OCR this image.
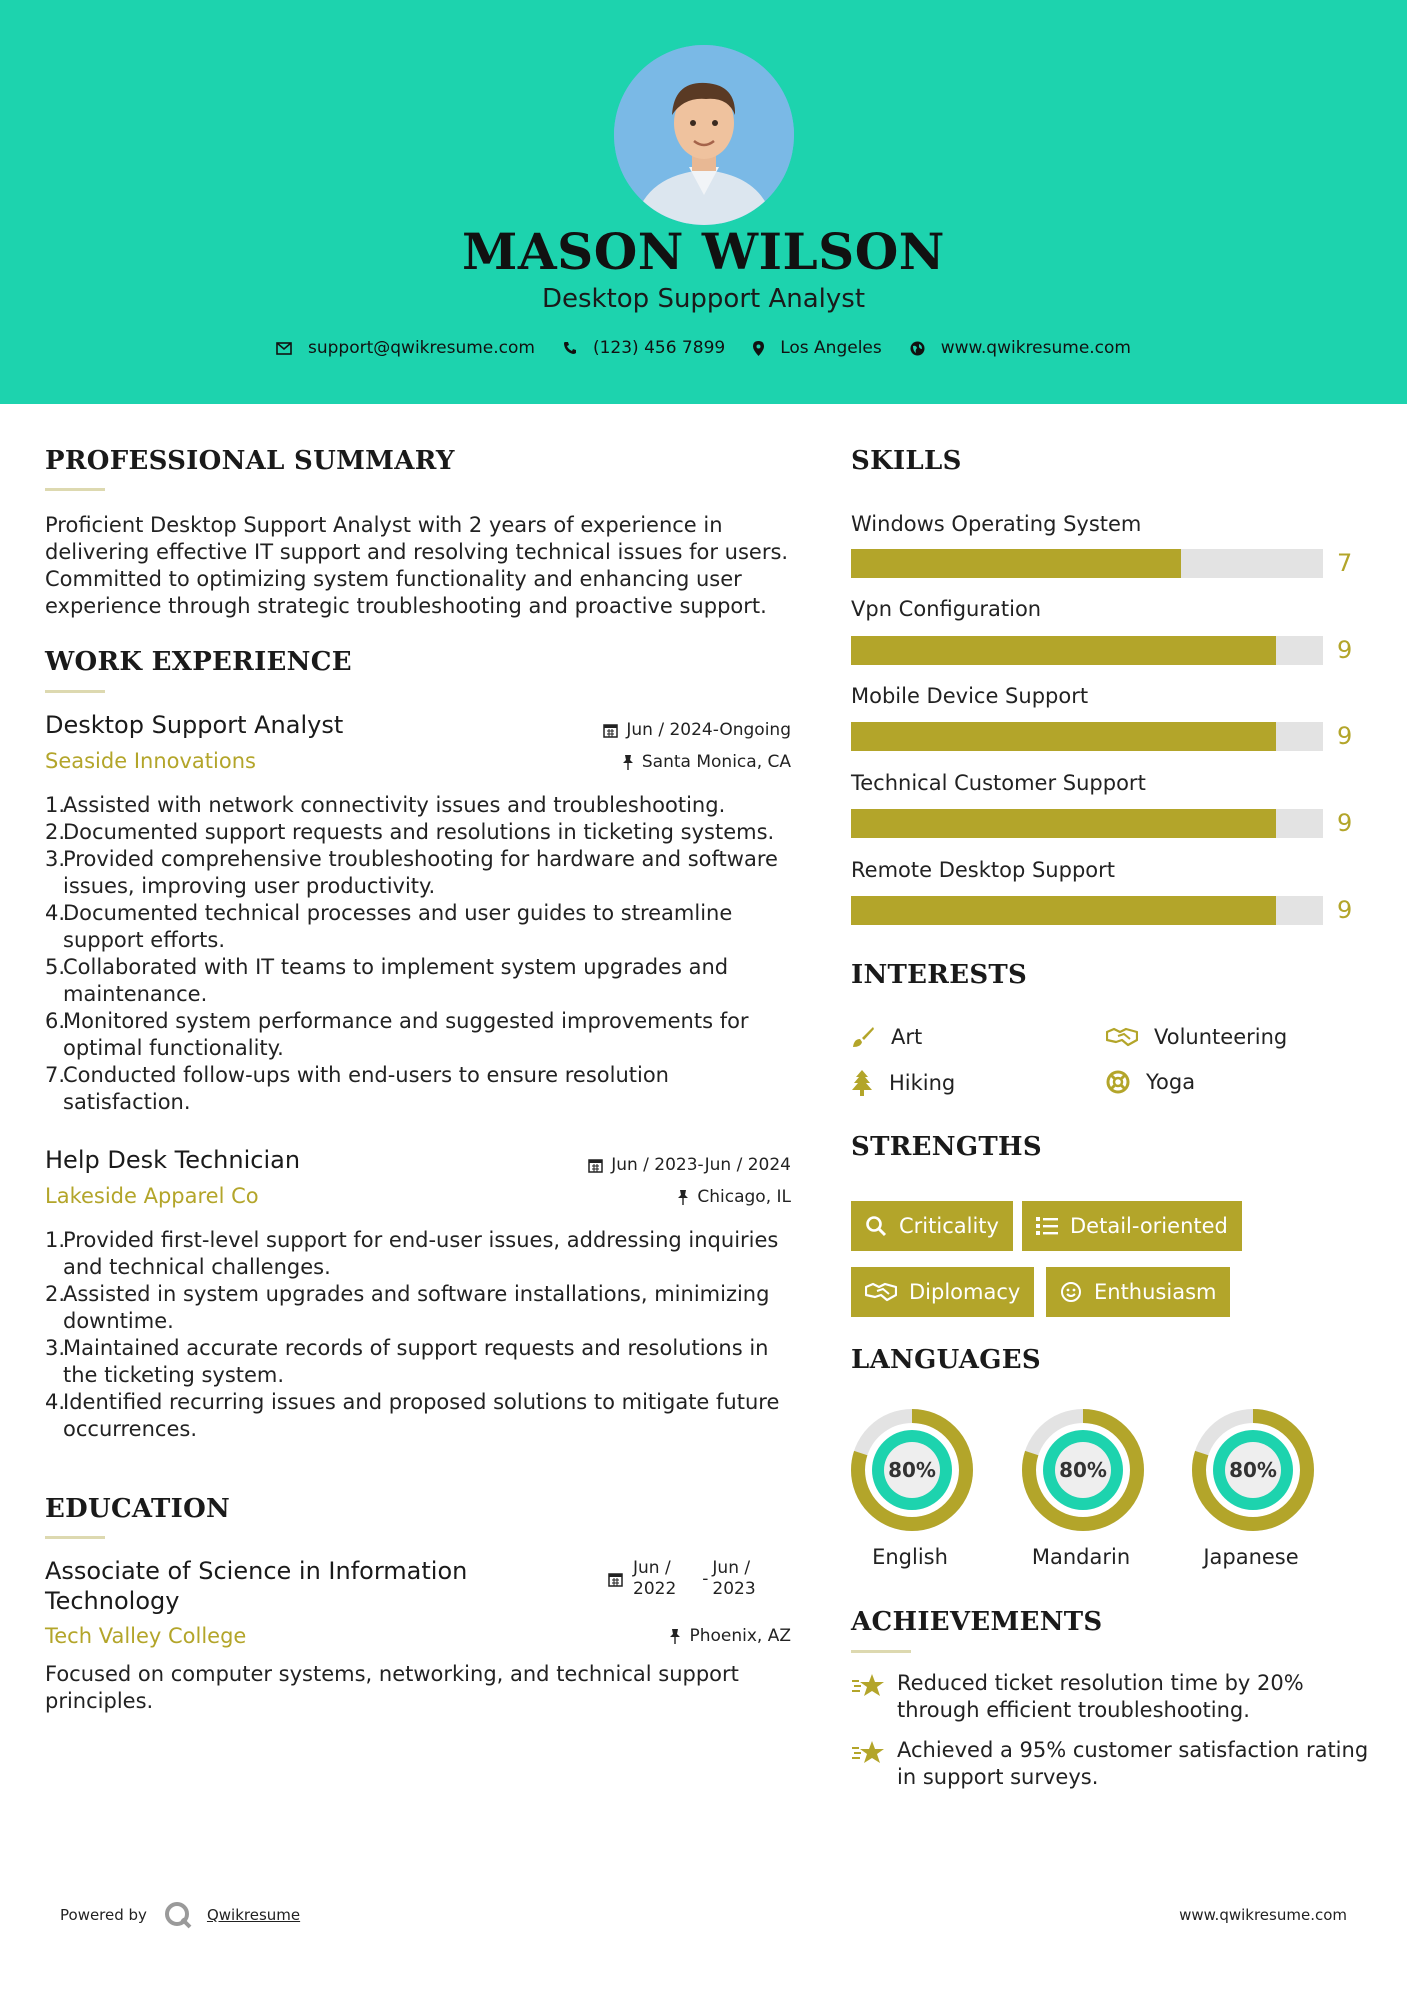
MASON WILSON
Desktop Support Analyst
support@qwikresume.com	(123) 456 7899	Los Angeles	www.qwikresume.com
PROFESSIONAL SUMMARY
Proficient Desktop Support Analyst with 2 years of experience in
delivering effective IT support and resolving technical issues for users.
Committed to optimizing system functionality and enhancing user
experience through strategic troubleshooting and proactive support.
WORK EXPERIENCE
Desktop Support Analyst	Jun / 2024-Ongoing
Seaside Innovations	Santa Monica, CA
1.
Assisted with network connectivity issues and troubleshooting.
2.
Documented support requests and resolutions in ticketing systems.
3.
Provided comprehensive troubleshooting for hardware and software
issues, improving user productivity.
4.
Documented technical processes and user guides to streamline
support efforts.
5.
Collaborated with IT teams to implement system upgrades and
maintenance.
6.
Monitored system performance and suggested improvements for
optimal functionality.
7.
Conducted follow-ups with end-users to ensure resolution
satisfaction.
Help Desk Technician	Jun / 2023-Jun / 2024
Lakeside Apparel Co	Chicago, IL
1.
Provided first-level support for end-user issues, addressing inquiries
and technical challenges.
2.
Assisted in system upgrades and software installations, minimizing
downtime.
3.
Maintained accurate records of support requests and resolutions in
the ticketing system.
4.
Identified recurring issues and proposed solutions to mitigate future
occurrences.
EDUCATION
Associate of Science in Information
Technology
Jun /
2022 -
Jun /
2023
Tech Valley College	Phoenix, AZ
Focused on computer systems, networking, and technical support
principles.
SKILLS
Windows Operating System
7
Vpn Configuration
9
Mobile Device Support
9
Technical Customer Support
9
Remote Desktop Support
9
INTERESTS
Art	Volunteering
Hiking	Yoga
STRENGTHS
Criticality	Detail-oriented
Diplomacy	Enthusiasm
LANGUAGES
80%
English
80%
Mandarin
80%
Japanese
ACHIEVEMENTS
Reduced ticket resolution time by 20%
through efficient troubleshooting.
Achieved a 95% customer satisfaction rating
in support surveys.
Powered by	Qwikresume	www.qwikresume.com
